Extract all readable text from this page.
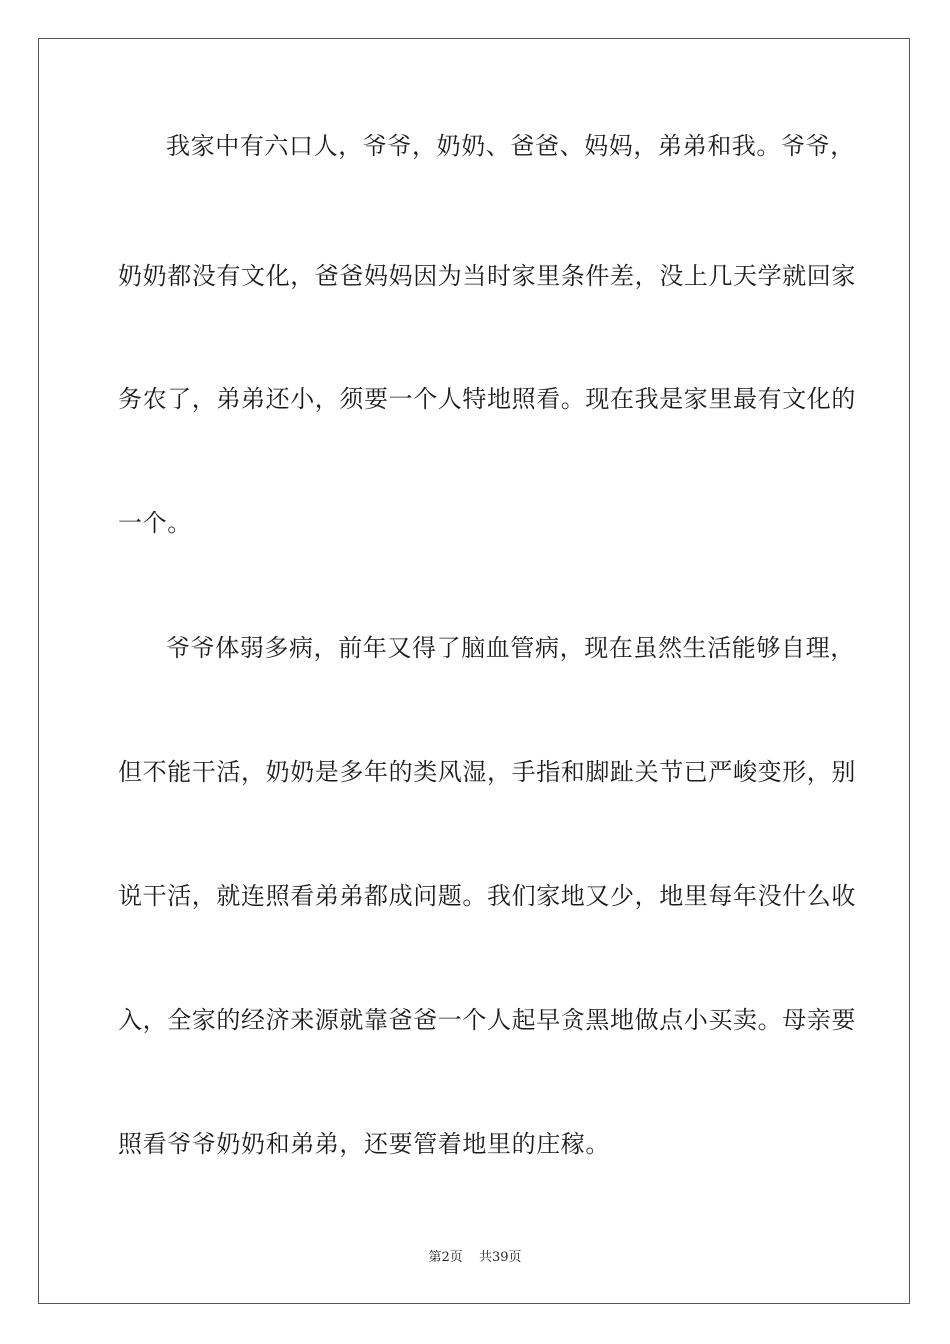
我家中有六口人，爷爷，奶奶、爸爸、妈妈，弟弟和我。爷爷，
奶奶都没有文化，爸爸妈妈因为当时家里条件差，没上几天学就回家
务农了，弟弟还小，须要一个人特地照看。现在我是家里最有文化的
一个。
爷爷体弱多病，前年又得了脑血管病，现在虽然生活能够自理，
但不能干活，奶奶是多年的类风湿，手指和脚趾关节已严峻变形，别
说干活，就连照看弟弟都成问题。我们家地又少，地里每年没什么收
入，全家的经济来源就靠爸爸一个人起早贪黑地做点小买卖。母亲要
照看爷爷奶奶和弟弟，还要管着地里的庄稼。
第2页 共39页
